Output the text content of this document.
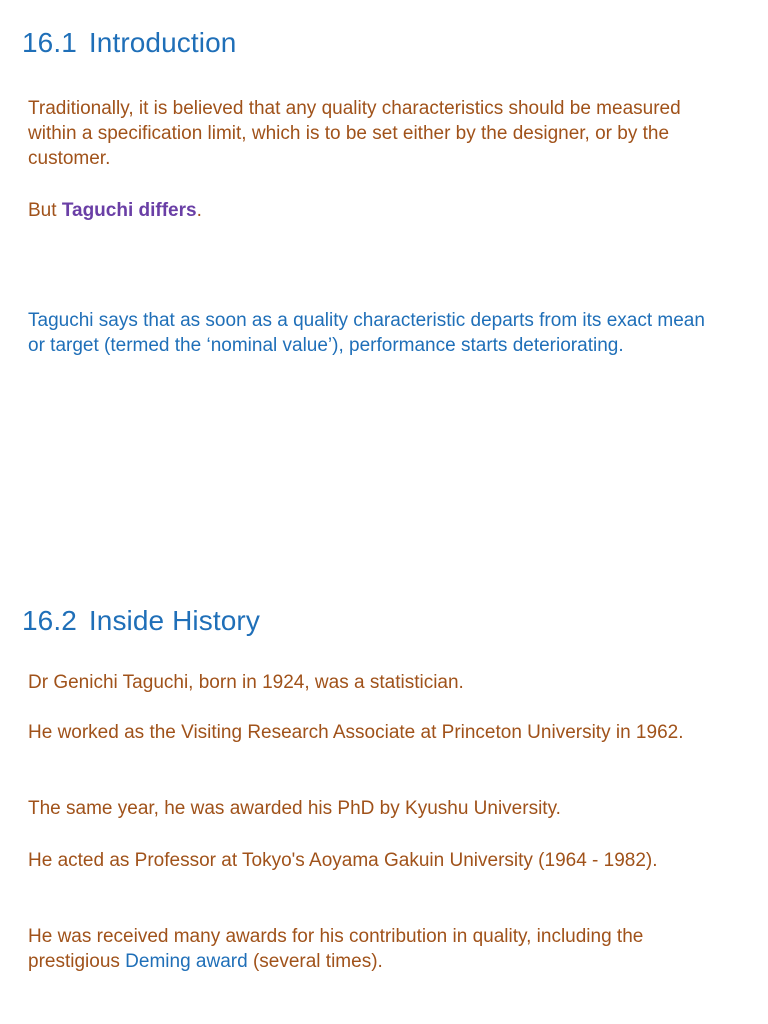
16.1 Introduction

Traditionally, it is believed that any quality characteristics should be measured within a specification limit, which is to be set either by the designer, or by the customer.

But Taguchi differs.

Taguchi says that as soon as a quality characteristic departs from its exact mean or target (termed the ‘nominal value’), performance starts deteriorating.

16.2 Inside History

Dr Genichi Taguchi, born in 1924, was a statistician.

He worked as the Visiting Research Associate at Princeton University in 1962.

The same year, he was awarded his PhD by Kyushu University.

He acted as Professor at Tokyo's Aoyama Gakuin University (1964 - 1982).

He was received many awards for his contribution in quality, including the prestigious Deming award (several times).
